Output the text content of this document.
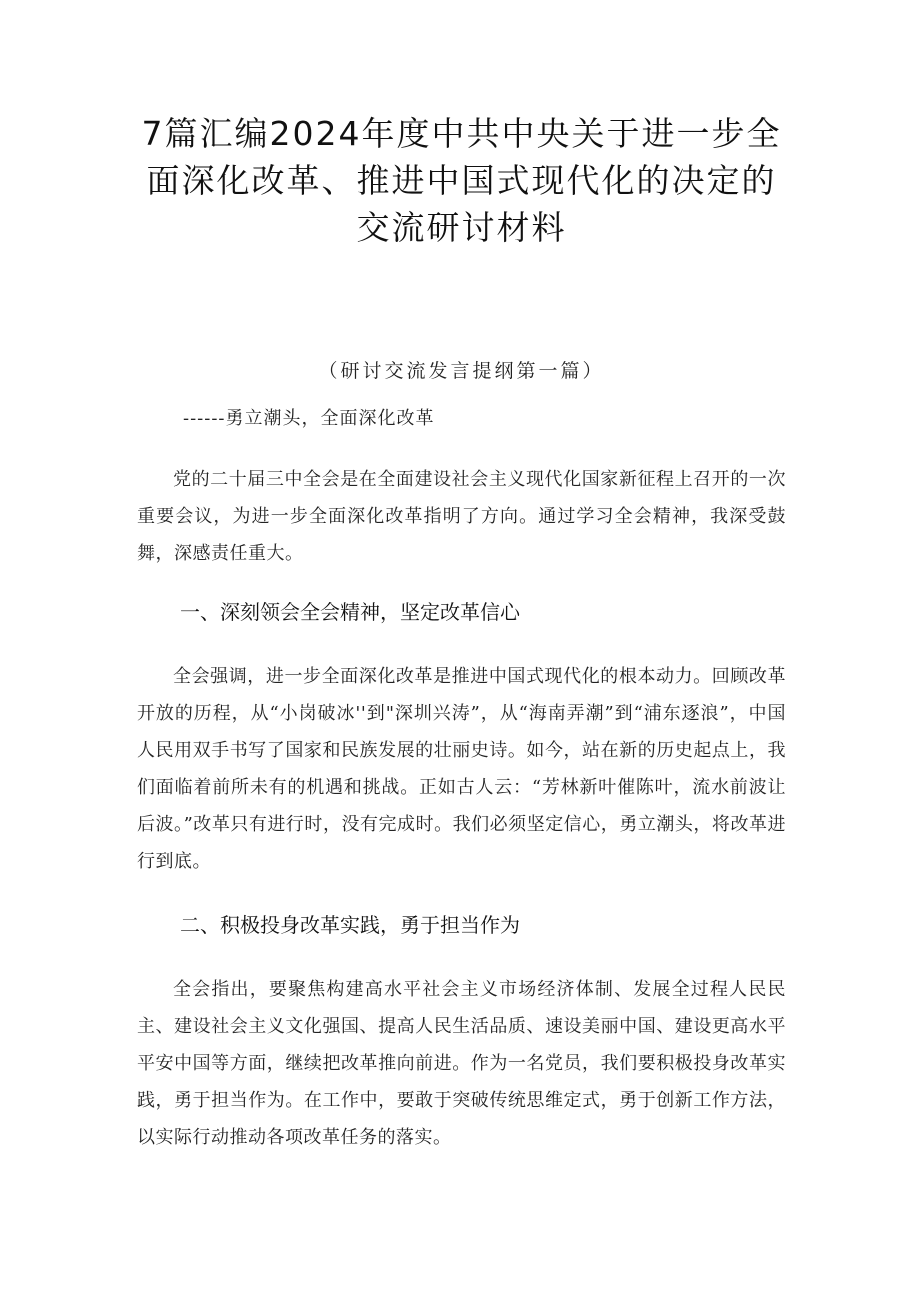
7篇汇编2024年度中共中央关于进一步全面深化改革、推进中国式现代化的决定的交流研讨材料
（研讨交流发言提纲第一篇）
------勇立潮头，全面深化改革

党的二十届三中全会是在全面建设社会主义现代化国家新征程上召开的一次重要会议，为进一步全面深化改革指明了方向。通过学习全会精神，我深受鼓舞，深感责任重大。

一、深刻领会全会精神，坚定改革信心

全会强调，进一步全面深化改革是推进中国式现代化的根本动力。回顾改革开放的历程，从“小岗破冰''到"深圳兴涛”，从“海南弄潮”到“浦东逐浪”，中国人民用双手书写了国家和民族发展的壮丽史诗。如今，站在新的历史起点上，我们面临着前所未有的机遇和挑战。正如古人云：“芳林新叶催陈叶，流水前波让后波。”改革只有进行时，没有完成时。我们必须坚定信心，勇立潮头，将改革进行到底。

二、积极投身改革实践，勇于担当作为

全会指出，要聚焦构建高水平社会主义市场经济体制、发展全过程人民民主、建设社会主义文化强国、提高人民生活品质、速设美丽中国、建设更高水平平安中国等方面，继续把改革推向前进。作为一名党员，我们要积极投身改革实践，勇于担当作为。在工作中，要敢于突破传统思维定式，勇于创新工作方法，以实际行动推动各项改革任务的落实。
